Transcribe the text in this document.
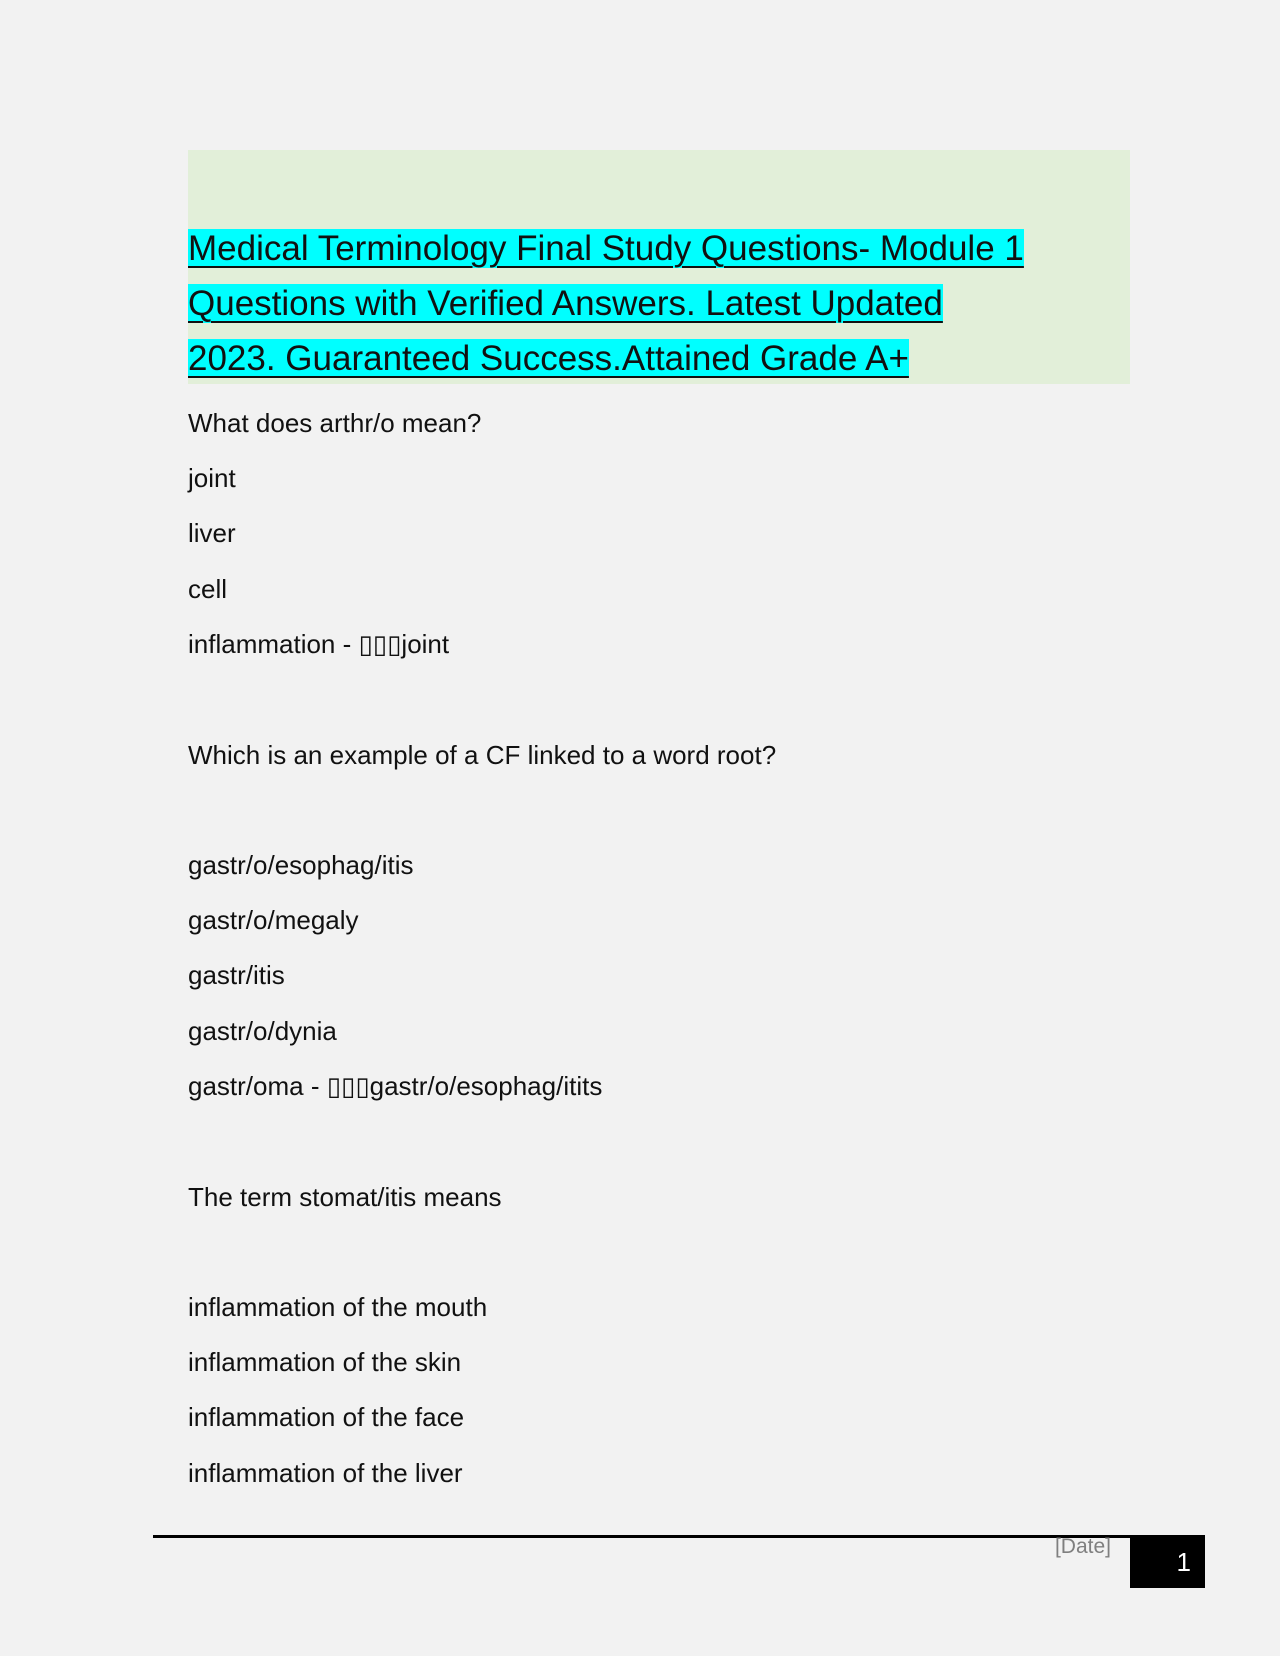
Medical Terminology Final Study Questions- Module 1
Questions with Verified Answers. Latest Updated
2023. Guaranteed Success.Attained Grade A+
What does arthr/o mean?
joint
liver
cell
inflammation - ▯▯▯joint
Which is an example of a CF linked to a word root?
gastr/o/esophag/itis
gastr/o/megaly
gastr/itis
gastr/o/dynia
gastr/oma - ▯▯▯gastr/o/esophag/itits
The term stomat/itis means
inflammation of the mouth
inflammation of the skin
inflammation of the face
inflammation of the liver
[Date]
1
